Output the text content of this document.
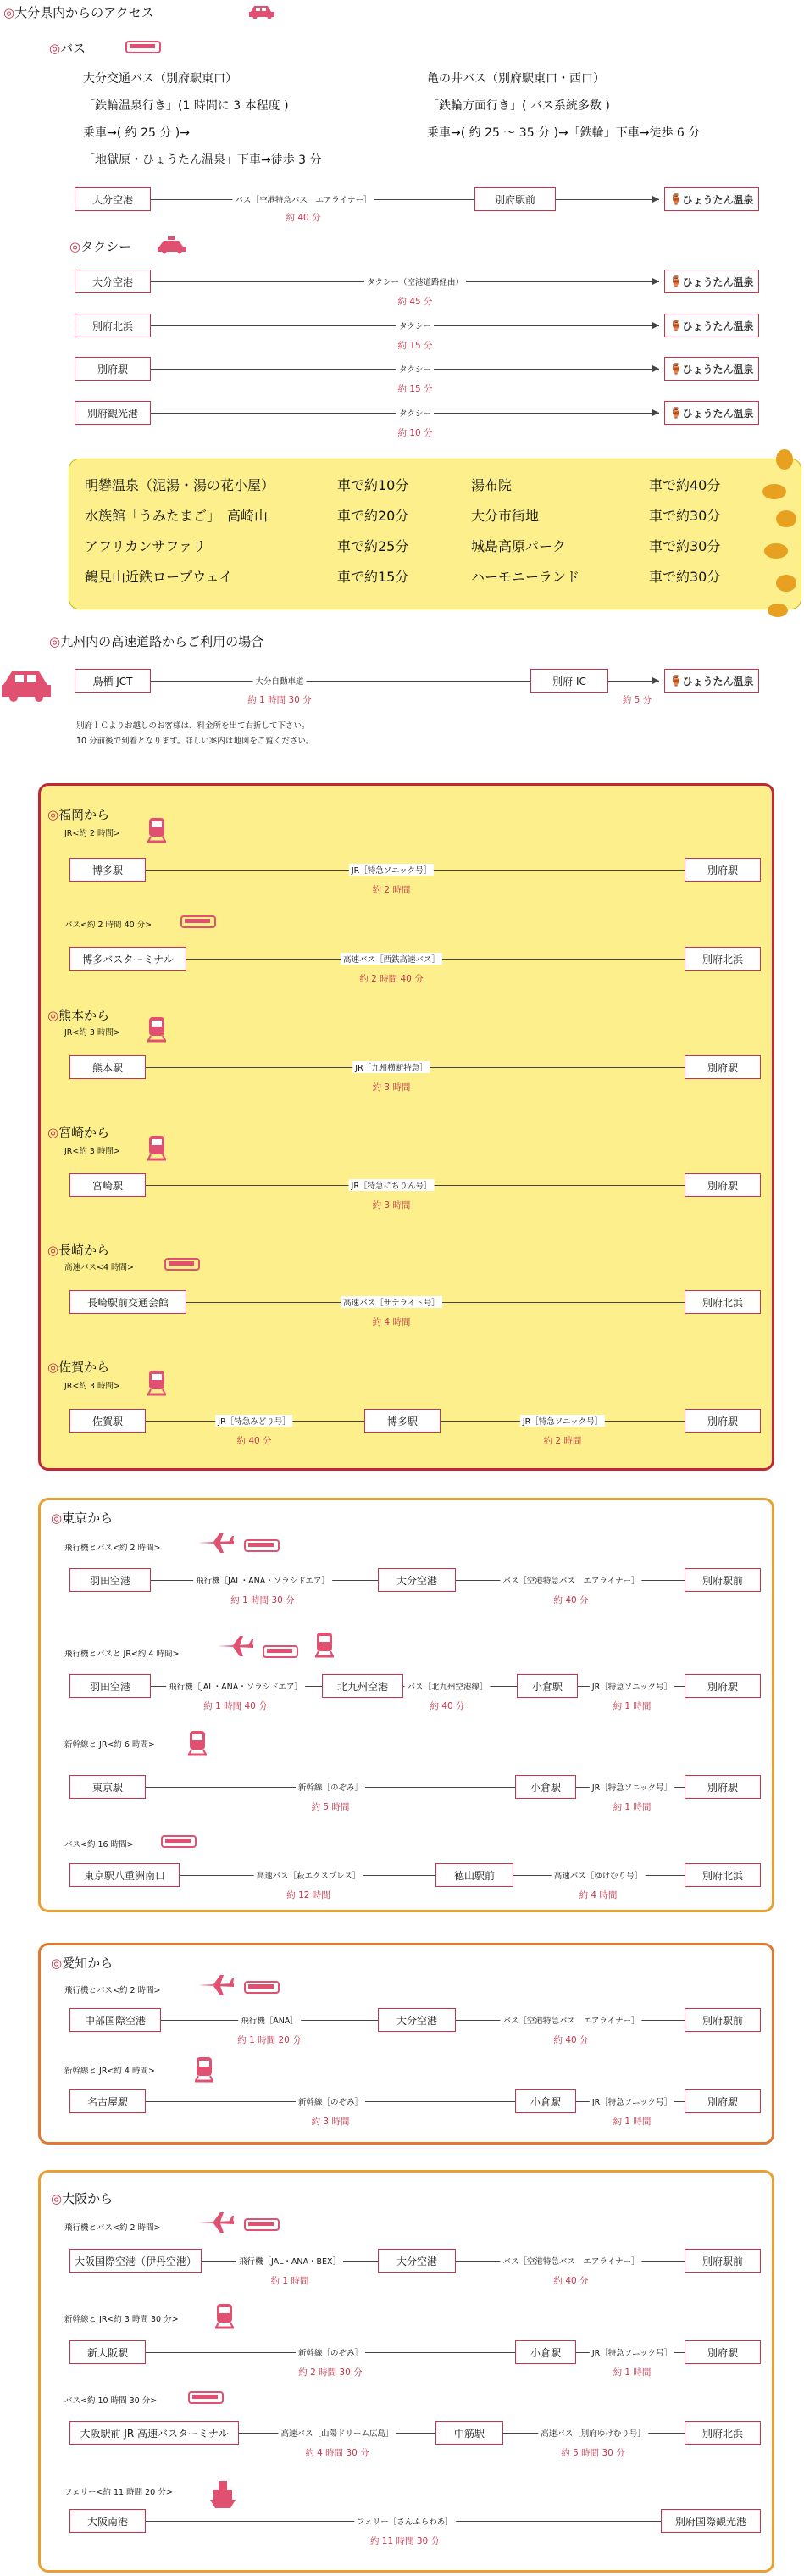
◎大分県内からのアクセス
◎バス
大分交通バス（別府駅東口）
「鉄輪温泉行き」(1 時間に 3 本程度 )
乗車→( 約 25 分 )→
「地獄原・ひょうたん温泉」下車→徒歩 3 分
亀の井バス（別府駅東口・西口）
「鉄輪方面行き」( バス系統多数 )
乗車→( 約 25 ～ 35 分 )→「鉄輪」下車→徒歩 6 分
大分空港	バス［空港特急バス　エアライナー］
約 40 分
別府駅前	🏺 ひょうたん温泉
◎タクシー
大分空港	タクシー（空港道路経由）
約 45 分
🏺 ひょうたん温泉
別府北浜	タクシー
約 15 分
🏺 ひょうたん温泉
別府駅	タクシー
約 15 分
🏺 ひょうたん温泉
別府観光港	タクシー
約 10 分
🏺 ひょうたん温泉
明礬温泉（泥湯・湯の花小屋）	車で約10分	湯布院	車で約40分
水族館「うみたまご」　高崎山	車で約20分	大分市街地	車で約30分
アフリカンサファリ	車で約25分	城島高原パーク	車で約30分
鶴見山近鉄ロープウェイ	車で約15分	ハーモニーランド	車で約30分
◎九州内の高速道路からご利用の場合
鳥栖 JCT	大分自動車道
約 1 時間 30 分
別府 IC
約 5 分
🏺 ひょうたん温泉
別府ＩＣよりお越しのお客様は、料金所を出て右折して下さい。
10 分前後で到着となります。詳しい案内は地図をご覧ください。
◎福岡から
JR<約 2 時間>
博多駅	別府駅
JR［特急ソニック号］
約 2 時間
バス<約 2 時間 40 分>
博多バスターミナル	別府北浜
高速バス［西鉄高速バス］
約 2 時間 40 分
◎熊本から
JR<約 3 時間>
熊本駅	別府駅
JR［九州横断特急］
約 3 時間
◎宮崎から
JR<約 3 時間>
宮崎駅	別府駅
JR［特急にちりん号］
約 3 時間
◎長崎から
高速バス<4 時間>
長崎駅前交通会館	別府北浜
高速バス［サテライト号］
約 4 時間
◎佐賀から
JR<約 3 時間>
佐賀駅	博多駅	別府駅
JR［特急みどり号］
約 40 分
JR［特急ソニック号］
約 2 時間
◎東京から
飛行機とバス<約 2 時間>
羽田空港	大分空港	別府駅前
飛行機［JAL・ANA・ソラシドエア］
約 1 時間 30 分
バス［空港特急バス　エアライナー］
約 40 分
飛行機とバスと JR<約 4 時間>
羽田空港	北九州空港	小倉駅	別府駅
飛行機［JAL・ANA・ソラシドエア］
約 1 時間 40 分
バス［北九州空港線］
約 40 分
JR［特急ソニック号］
約 1 時間
新幹線と JR<約 6 時間>
東京駅	小倉駅	別府駅
新幹線［のぞみ］
約 5 時間
JR［特急ソニック号］
約 1 時間
バス<約 16 時間>
東京駅八重洲南口	徳山駅前	別府北浜
高速バス［萩エクスプレス］
約 12 時間
高速バス［ゆけむり号］
約 4 時間
◎愛知から
飛行機とバス<約 2 時間>
中部国際空港	大分空港	別府駅前
飛行機［ANA］
約 1 時間 20 分
バス［空港特急バス　エアライナー］
約 40 分
新幹線と JR<約 4 時間>
名古屋駅	小倉駅	別府駅
新幹線［のぞみ］
約 3 時間
JR［特急ソニック号］
約 1 時間
◎大阪から
飛行機とバス<約 2 時間>
大阪国際空港（伊丹空港）	大分空港	別府駅前
飛行機［JAL・ANA・BEX］
約 1 時間
バス［空港特急バス　エアライナー］
約 40 分
新幹線と JR<約 3 時間 30 分>
新大阪駅	小倉駅	別府駅
新幹線［のぞみ］
約 2 時間 30 分
JR［特急ソニック号］
約 1 時間
バス<約 10 時間 30 分>
大阪駅前 JR 高速バスターミナル	中筋駅	別府北浜
高速バス［山陽ドリーム広島］
約 4 時間 30 分
高速バス［別府ゆけむり号］
約 5 時間 30 分
フェリー<約 11 時間 20 分>
大阪南港	別府国際観光港
フェリー［さんふらわあ］
約 11 時間 30 分
